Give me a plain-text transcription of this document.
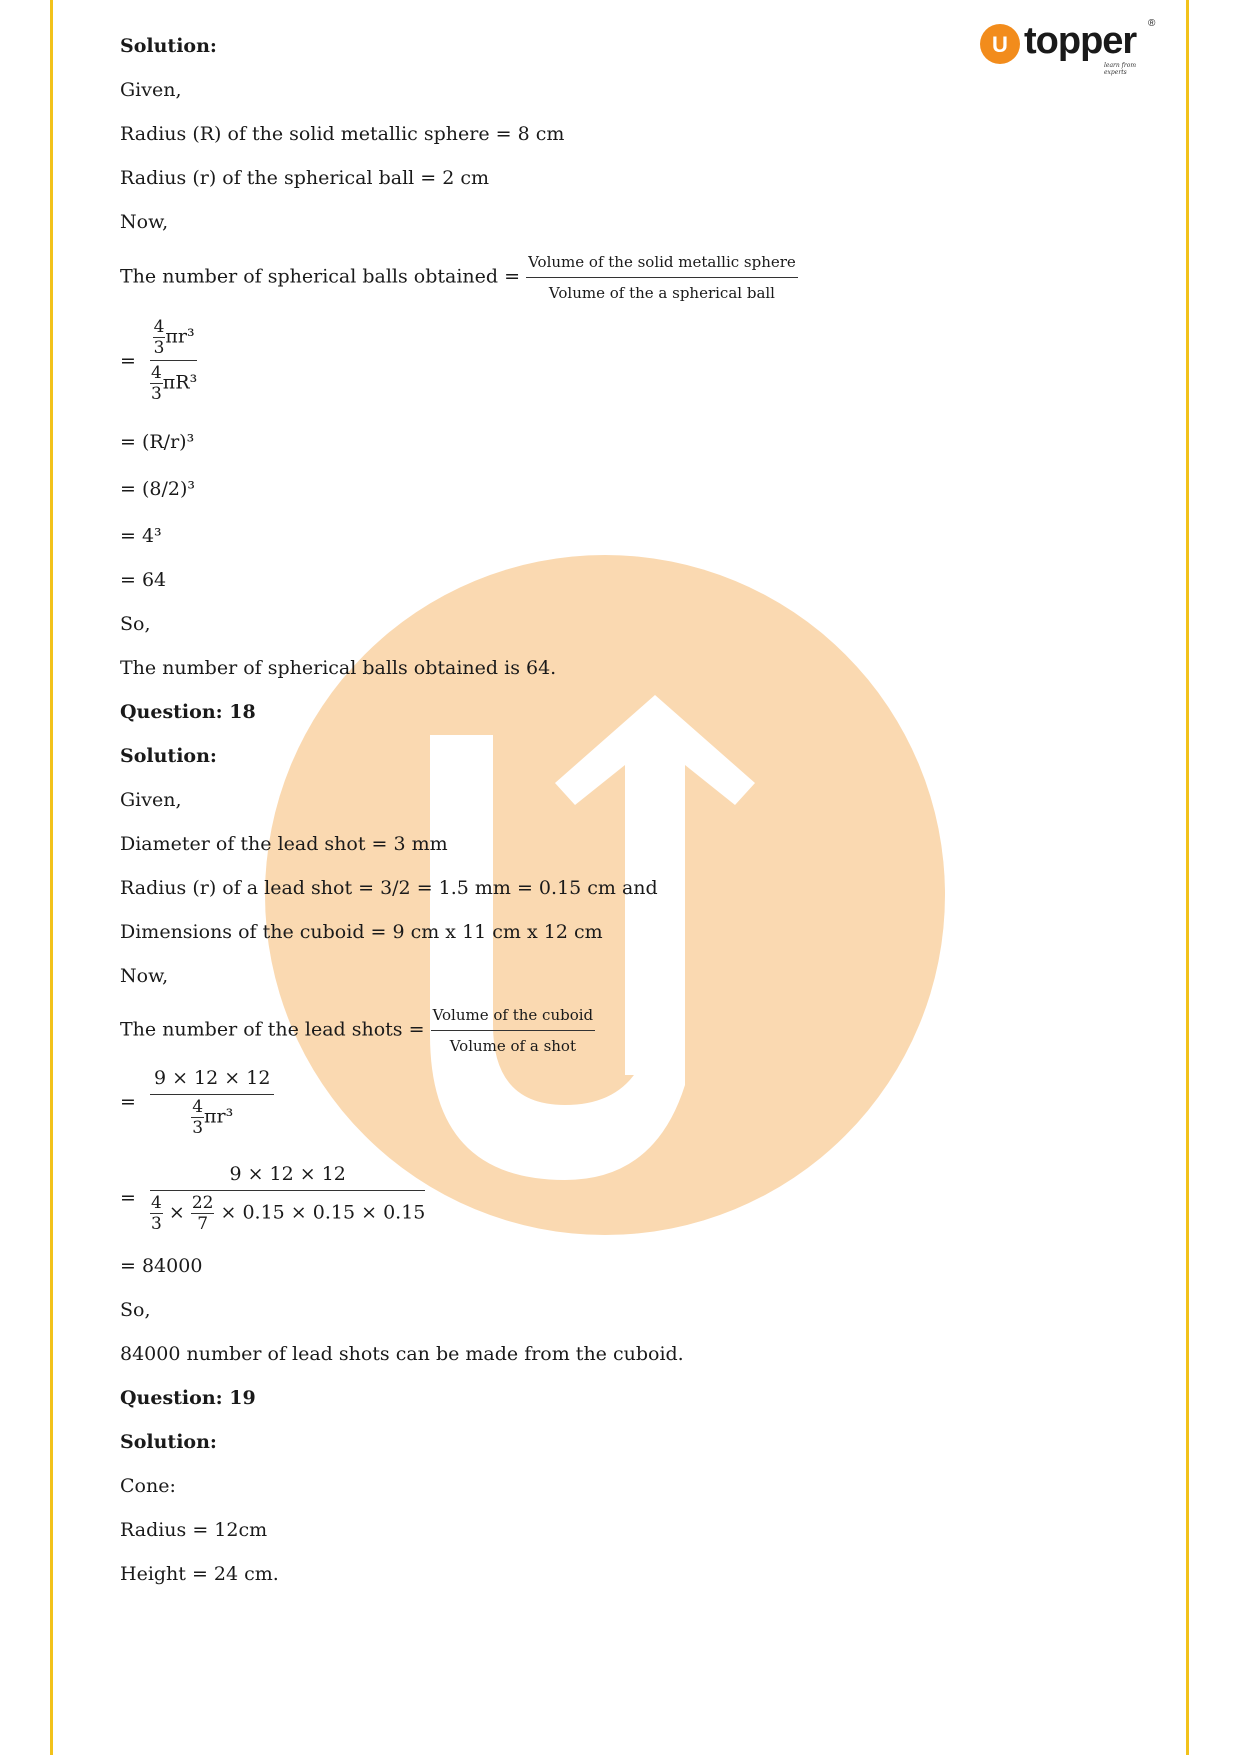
U topper ®
learn from experts
Solution:
Given,
Radius (R) of the solid metallic sphere = 8 cm
Radius (r) of the spherical ball = 2 cm
Now,
The number of spherical balls obtained = $\frac{\text{Volume of the solid metallic sphere}}{\text{Volume of the a spherical ball}}$
= $\frac{\frac{4}{3} \pi r^3}{\frac{4}{3} \pi R^3}$
= (R/r)³
= (8/2)³
= 4³
= 64
So,
The number of spherical balls obtained is 64.
Question: 18
Solution:
Given,
Diameter of the lead shot = 3 mm
Radius (r) of a lead shot = 3/2 = 1.5 mm = 0.15 cm and
Dimensions of the cuboid = 9 cm x 11 cm x 12 cm
Now,
The number of the lead shots = $\frac{\text{Volume of the cuboid}}{\text{Volume of a shot}}$
= $\frac{9 \times 12 \times 12}{\frac{4}{3} \pi r^3}$
= $\frac{9 \times 12 \times 12}{\frac{4}{3} \times \frac{22}{7} \times 0.15 \times 0.15 \times 0.15}$
= 84000
So,
84000 number of lead shots can be made from the cuboid.
Question: 19
Solution:
Cone:
Radius = 12cm
Height = 24 cm.
